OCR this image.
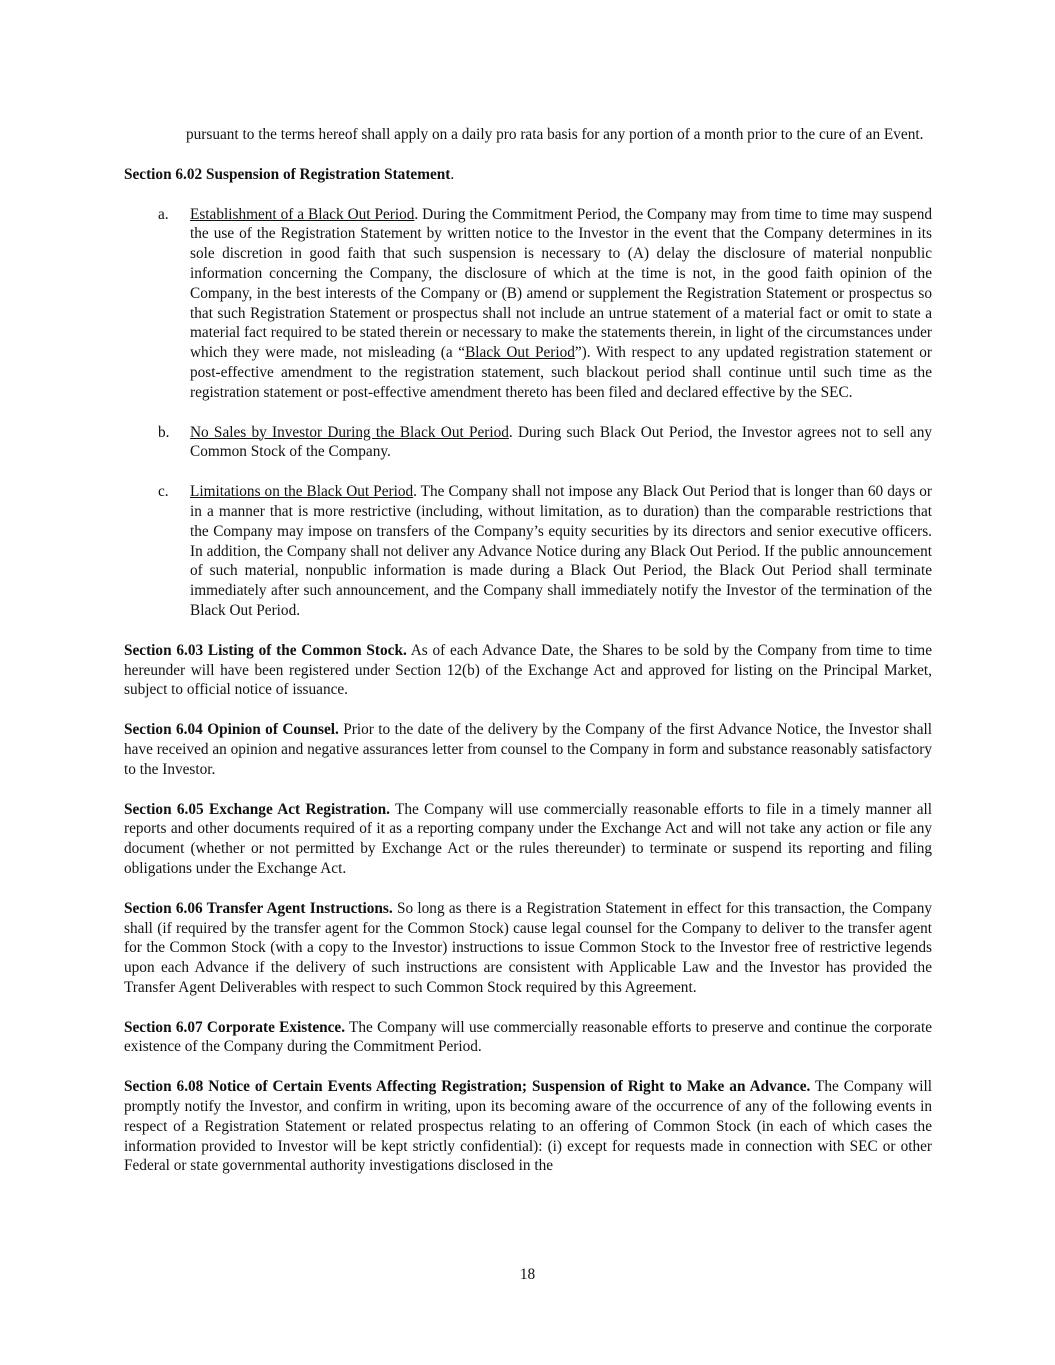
pursuant to the terms hereof shall apply on a daily pro rata basis for any portion of a month prior to the cure of an Event.

Section 6.02 Suspension of Registration Statement.

a.	Establishment of a Black Out Period. During the Commitment Period, the Company may from time to time may suspend the use of the Registration Statement by written notice to the Investor in the event that the Company determines in its sole discretion in good faith that such suspension is necessary to (A) delay the disclosure of material nonpublic information concerning the Company, the disclosure of which at the time is not, in the good faith opinion of the Company, in the best interests of the Company or (B) amend or supplement the Registration Statement or prospectus so that such Registration Statement or prospectus shall not include an untrue statement of a material fact or omit to state a material fact required to be stated therein or necessary to make the statements therein, in light of the circumstances under which they were made, not misleading (a “Black Out Period”). With respect to any updated registration statement or post-effective amendment to the registration statement, such blackout period shall continue until such time as the registration statement or post-effective amendment thereto has been filed and declared effective by the SEC.
b.	No Sales by Investor During the Black Out Period. During such Black Out Period, the Investor agrees not to sell any Common Stock of the Company.
c.	Limitations on the Black Out Period. The Company shall not impose any Black Out Period that is longer than 60 days or in a manner that is more restrictive (including, without limitation, as to duration) than the comparable restrictions that the Company may impose on transfers of the Company’s equity securities by its directors and senior executive officers. In addition, the Company shall not deliver any Advance Notice during any Black Out Period. If the public announcement of such material, nonpublic information is made during a Black Out Period, the Black Out Period shall terminate immediately after such announcement, and the Company shall immediately notify the Investor of the termination of the Black Out Period.

Section 6.03 Listing of the Common Stock. As of each Advance Date, the Shares to be sold by the Company from time to time hereunder will have been registered under Section 12(b) of the Exchange Act and approved for listing on the Principal Market, subject to official notice of issuance.

Section 6.04 Opinion of Counsel. Prior to the date of the delivery by the Company of the first Advance Notice, the Investor shall have received an opinion and negative assurances letter from counsel to the Company in form and substance reasonably satisfactory to the Investor.

Section 6.05 Exchange Act Registration. The Company will use commercially reasonable efforts to file in a timely manner all reports and other documents required of it as a reporting company under the Exchange Act and will not take any action or file any document (whether or not permitted by Exchange Act or the rules thereunder) to terminate or suspend its reporting and filing obligations under the Exchange Act.

Section 6.06 Transfer Agent Instructions. So long as there is a Registration Statement in effect for this transaction, the Company shall (if required by the transfer agent for the Common Stock) cause legal counsel for the Company to deliver to the transfer agent for the Common Stock (with a copy to the Investor) instructions to issue Common Stock to the Investor free of restrictive legends upon each Advance if the delivery of such instructions are consistent with Applicable Law and the Investor has provided the Transfer Agent Deliverables with respect to such Common Stock required by this Agreement.

Section 6.07 Corporate Existence. The Company will use commercially reasonable efforts to preserve and continue the corporate existence of the Company during the Commitment Period.

Section 6.08 Notice of Certain Events Affecting Registration; Suspension of Right to Make an Advance. The Company will promptly notify the Investor, and confirm in writing, upon its becoming aware of the occurrence of any of the following events in respect of a Registration Statement or related prospectus relating to an offering of Common Stock (in each of which cases the information provided to Investor will be kept strictly confidential): (i) except for requests made in connection with SEC or other Federal or state governmental authority investigations disclosed in the

18
